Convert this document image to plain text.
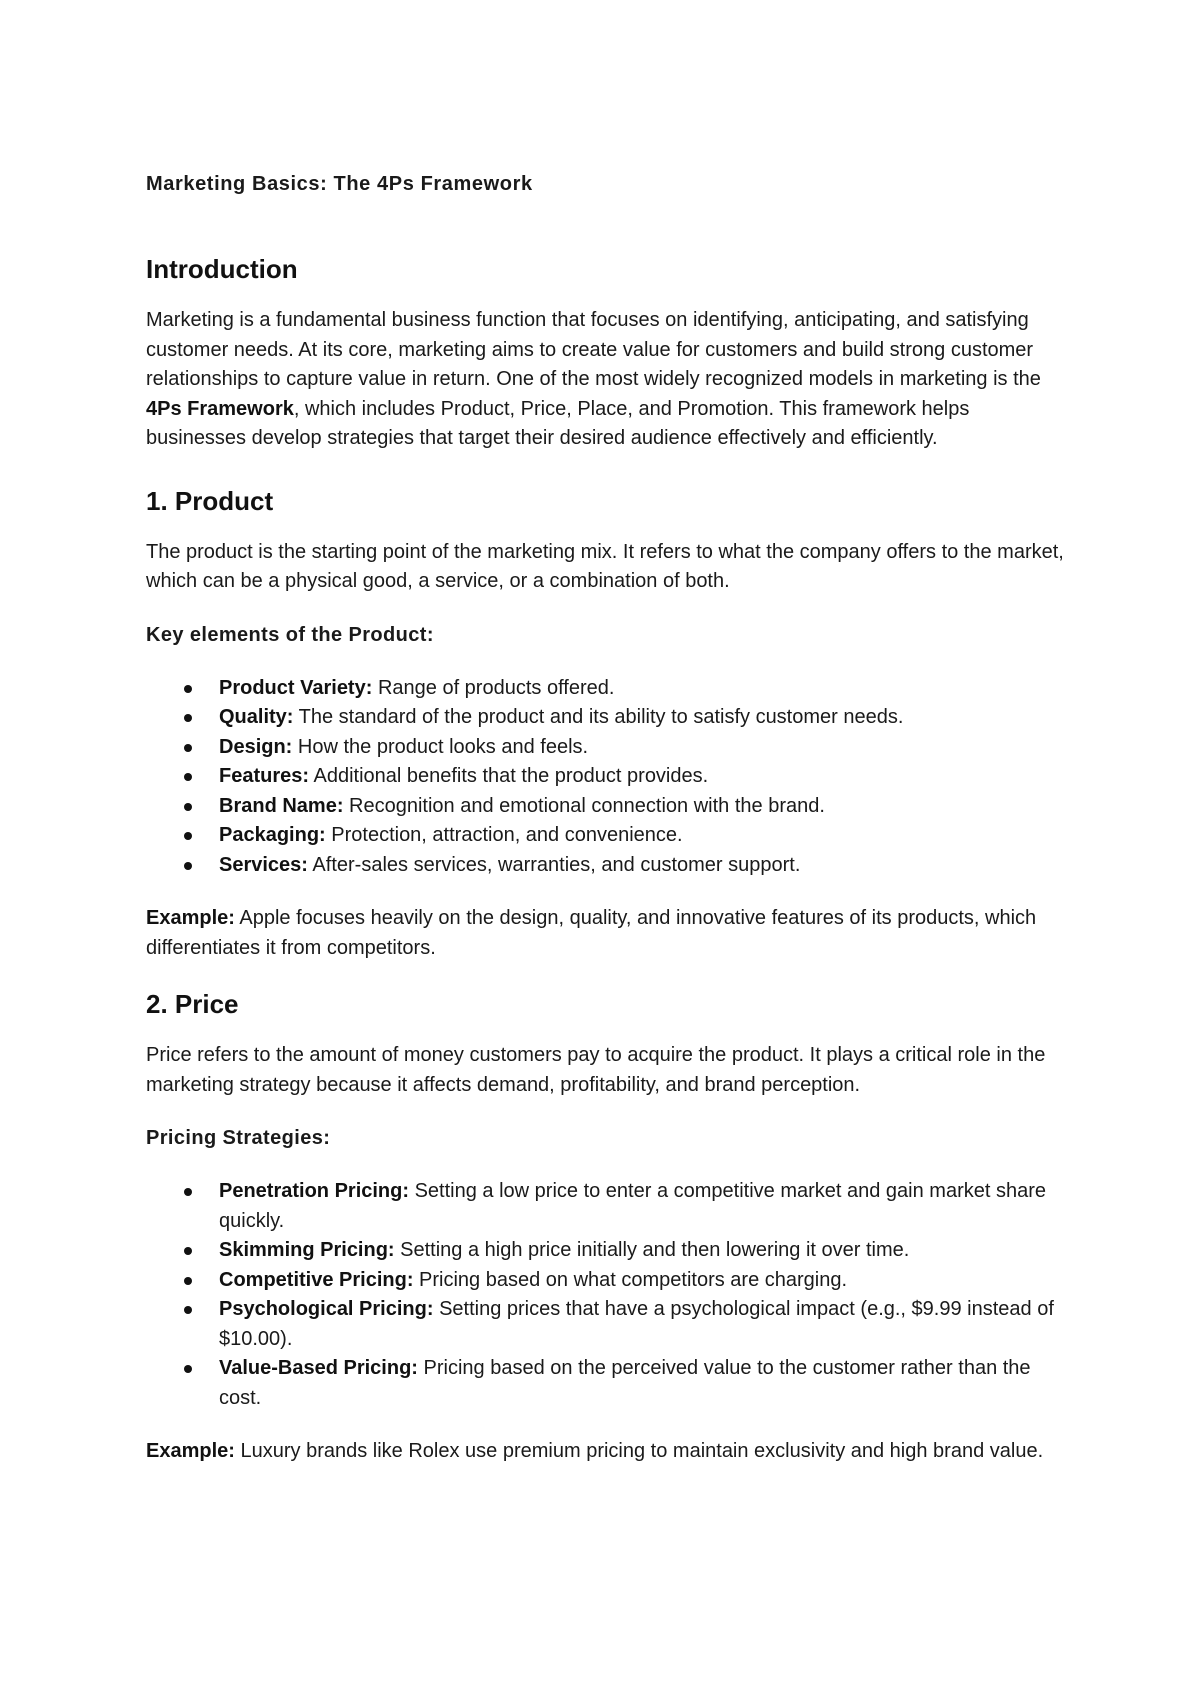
Marketing Basics: The 4Ps Framework
Introduction

Marketing is a fundamental business function that focuses on identifying, anticipating, and satisfying customer needs. At its core, marketing aims to create value for customers and build strong customer relationships to capture value in return. One of the most widely recognized models in marketing is the 4Ps Framework, which includes Product, Price, Place, and Promotion. This framework helps businesses develop strategies that target their desired audience effectively and efficiently.

1. Product

The product is the starting point of the marketing mix. It refers to what the company offers to the market, which can be a physical good, a service, or a combination of both.

Key elements of the Product:
Product Variety: Range of products offered.
Quality: The standard of the product and its ability to satisfy customer needs.
Design: How the product looks and feels.
Features: Additional benefits that the product provides.
Brand Name: Recognition and emotional connection with the brand.
Packaging: Protection, attraction, and convenience.
Services: After-sales services, warranties, and customer support.

Example: Apple focuses heavily on the design, quality, and innovative features of its products, which differentiates it from competitors.

2. Price

Price refers to the amount of money customers pay to acquire the product. It plays a critical role in the marketing strategy because it affects demand, profitability, and brand perception.

Pricing Strategies:
Penetration Pricing: Setting a low price to enter a competitive market and gain market share quickly.
Skimming Pricing: Setting a high price initially and then lowering it over time.
Competitive Pricing: Pricing based on what competitors are charging.
Psychological Pricing: Setting prices that have a psychological impact (e.g., $9.99 instead of $10.00).
Value-Based Pricing: Pricing based on the perceived value to the customer rather than the cost.

Example: Luxury brands like Rolex use premium pricing to maintain exclusivity and high brand value.
